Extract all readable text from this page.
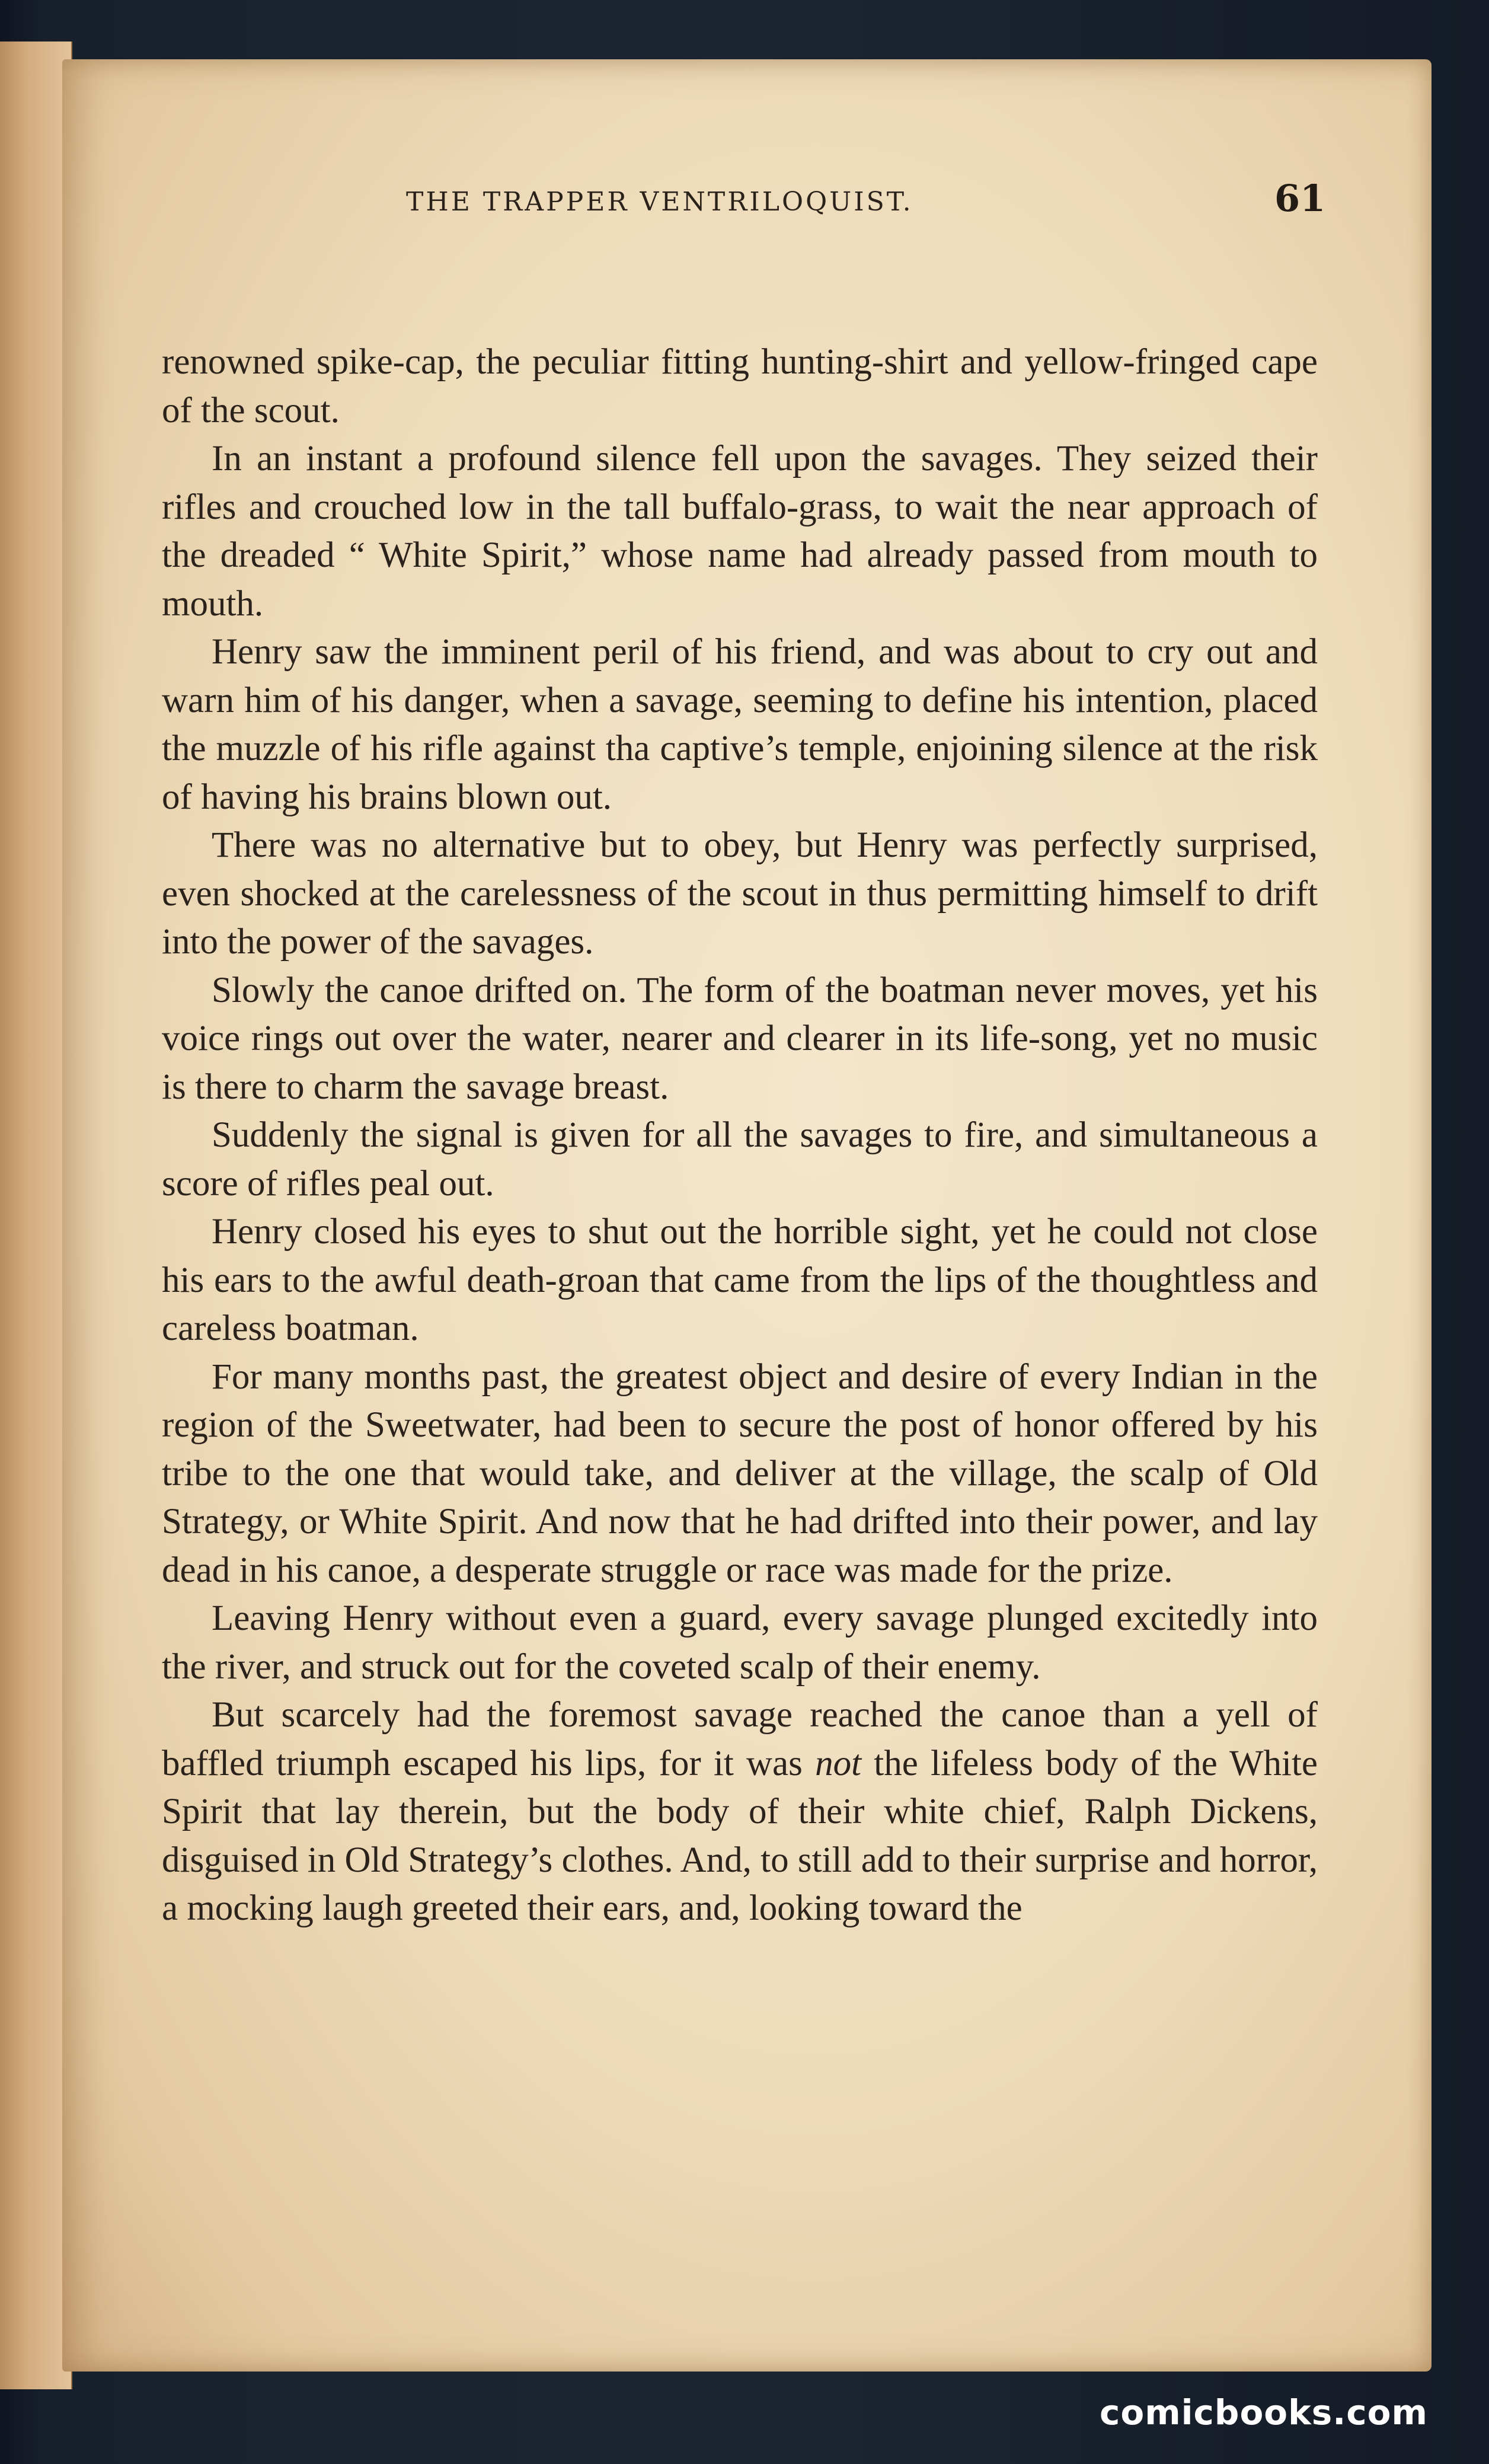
THE TRAPPER VENTRILOQUIST.	61

renowned spike-cap, the peculiar fitting hunting-shirt and yellow-fringed cape of the scout.

In an instant a profound silence fell upon the savages. They seized their rifles and crouched low in the tall buffalo-grass, to wait the near approach of the dreaded “ White Spirit,” whose name had already passed from mouth to mouth.

Henry saw the imminent peril of his friend, and was about to cry out and warn him of his danger, when a savage, seeming to define his intention, placed the muzzle of his rifle against tha captive’s temple, enjoining silence at the risk of having his brains blown out.

There was no alternative but to obey, but Henry was perfectly surprised, even shocked at the carelessness of the scout in thus permitting himself to drift into the power of the savages.

Slowly the canoe drifted on. The form of the boatman never moves, yet his voice rings out over the water, nearer and clearer in its life-song, yet no music is there to charm the savage breast.

Suddenly the signal is given for all the savages to fire, and simultaneous a score of rifles peal out.

Henry closed his eyes to shut out the horrible sight, yet he could not close his ears to the awful death-groan that came from the lips of the thoughtless and careless boatman.

For many months past, the greatest object and desire of every Indian in the region of the Sweetwater, had been to secure the post of honor offered by his tribe to the one that would take, and deliver at the village, the scalp of Old Strategy, or White Spirit. And now that he had drifted into their power, and lay dead in his canoe, a desperate struggle or race was made for the prize.

Leaving Henry without even a guard, every savage plunged excitedly into the river, and struck out for the coveted scalp of their enemy.

But scarcely had the foremost savage reached the canoe than a yell of baffled triumph escaped his lips, for it was not the lifeless body of the White Spirit that lay therein, but the body of their white chief, Ralph Dickens, disguised in Old Strategy’s clothes. And, to still add to their surprise and horror, a mocking laugh greeted their ears, and, looking toward the

comicbooks.com
